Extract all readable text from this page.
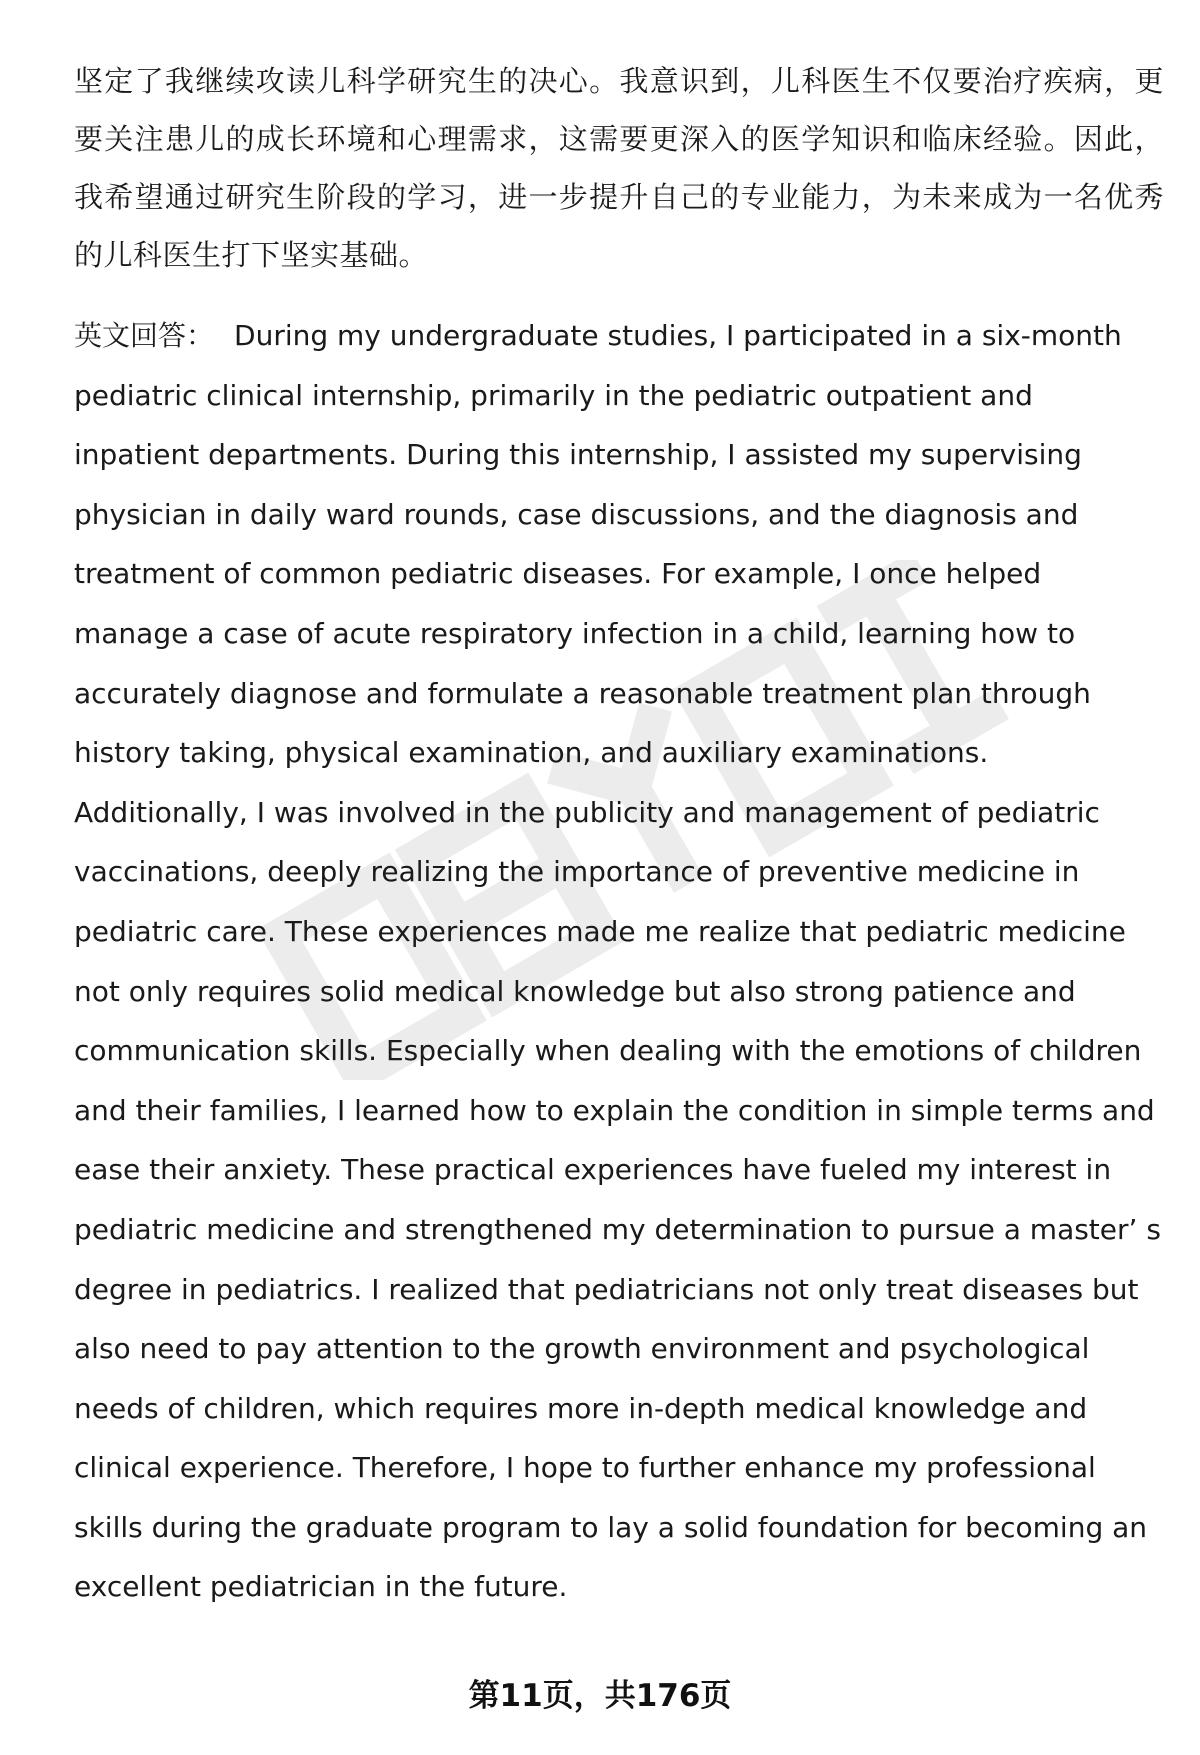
坚定了我继续攻读儿科学研究生的决心。我意识到，儿科医生不仅要治疗疾病，更要关注患儿的成长环境和心理需求，这需要更深入的医学知识和临床经验。因此，我希望通过研究生阶段的学习，进一步提升自己的专业能力，为未来成为一名优秀的儿科医生打下坚实基础。

英文回答： During my undergraduate studies, I participated in a six-month pediatric clinical internship, primarily in the pediatric outpatient and inpatient departments. During this internship, I assisted my supervising physician in daily ward rounds, case discussions, and the diagnosis and treatment of common pediatric diseases. For example, I once helped manage a case of acute respiratory infection in a child, learning how to accurately diagnose and formulate a reasonable treatment plan through history taking, physical examination, and auxiliary examinations. Additionally, I was involved in the publicity and management of pediatric vaccinations, deeply realizing the importance of preventive medicine in pediatric care. These experiences made me realize that pediatric medicine not only requires solid medical knowledge but also strong patience and communication skills. Especially when dealing with the emotions of children and their families, I learned how to explain the condition in simple terms and ease their anxiety. These practical experiences have fueled my interest in pediatric medicine and strengthened my determination to pursue a master’ s degree in pediatrics. I realized that pediatricians not only treat diseases but also need to pay attention to the growth environment and psychological needs of children, which requires more in-depth medical knowledge and clinical experience. Therefore, I hope to further enhance my professional skills during the graduate program to lay a solid foundation for becoming an excellent pediatrician in the future.

第11页，共176页
